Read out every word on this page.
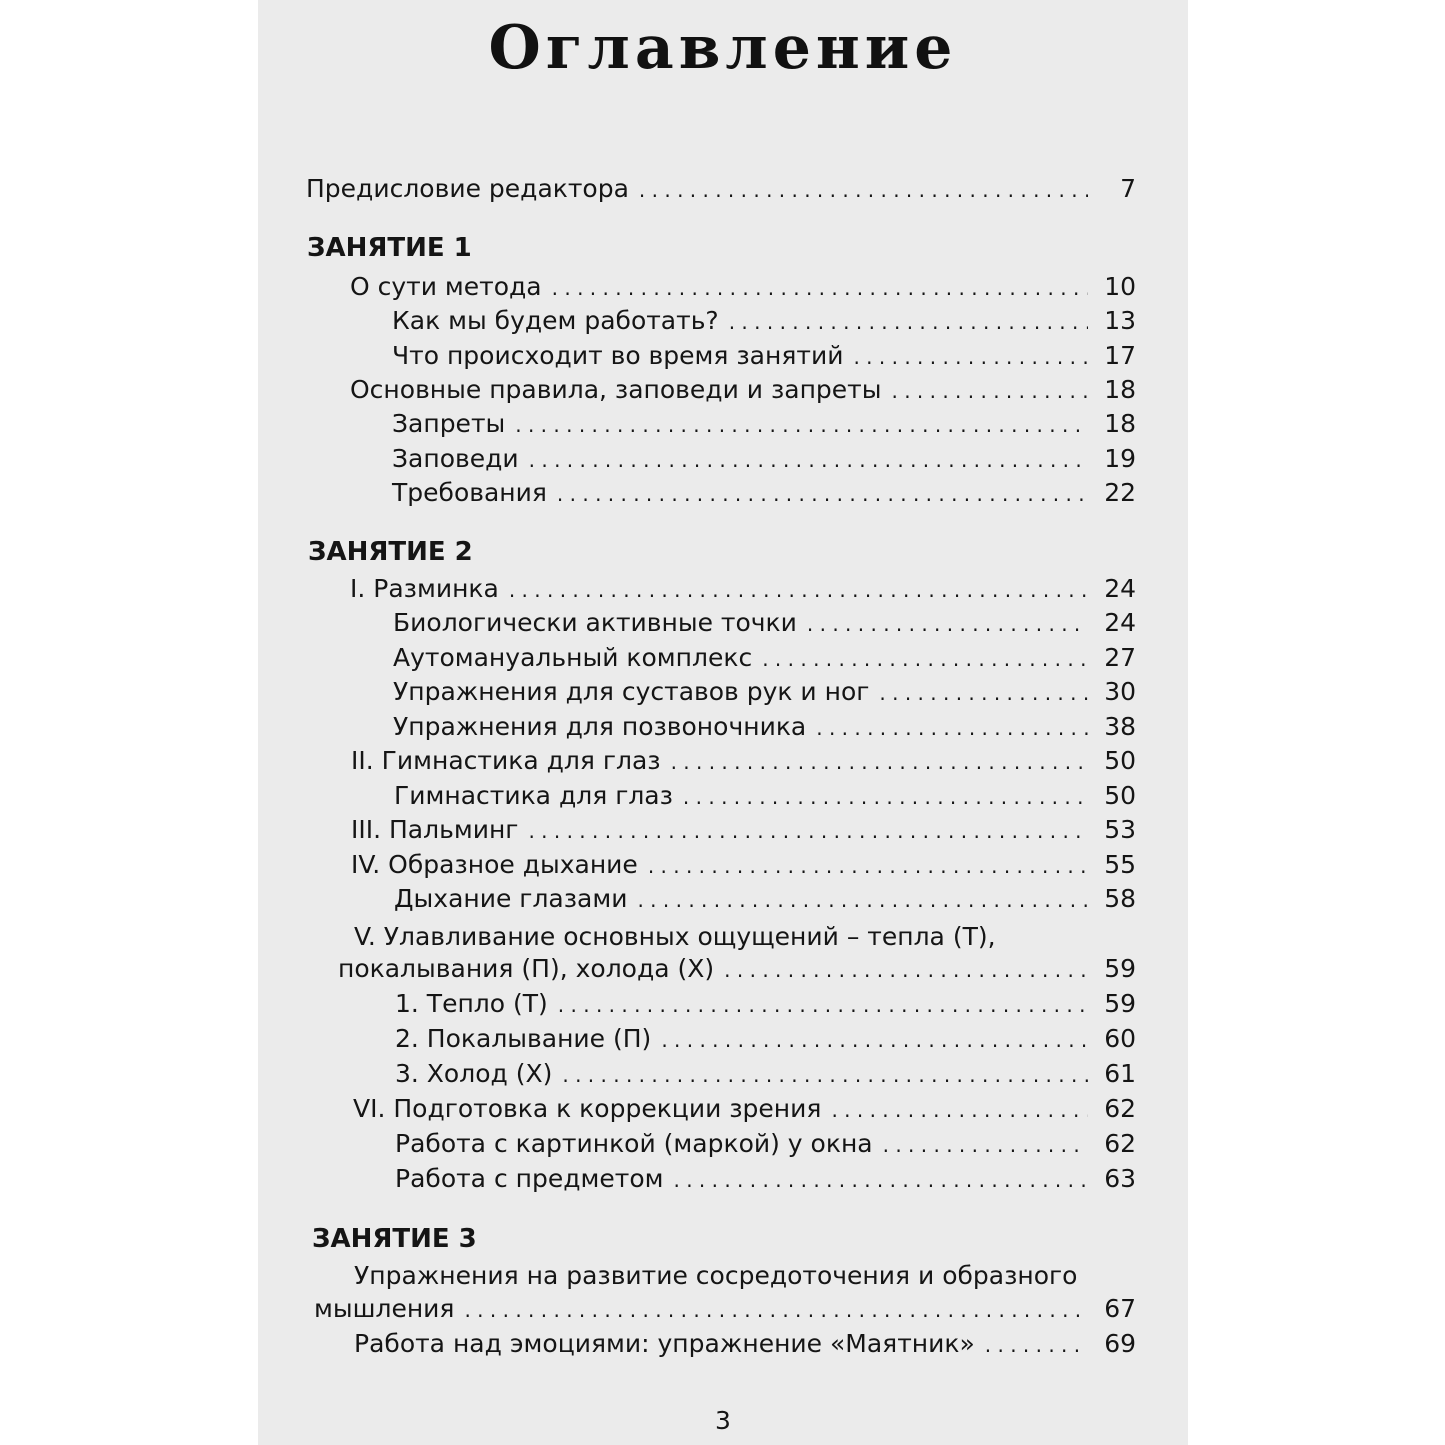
Оглавление
Предисловие редактора . . .	7
ЗАНЯТИЕ 1
О сути метода . . .	10
Как мы будем работать? . . .	13
Что происходит во время занятий . . .	17
Основные правила, заповеди и запреты . . .	18
Запреты . . .	18
Заповеди . . .	19
Требования . . .	22
ЗАНЯТИЕ 2
I. Разминка . . .	24
Биологически активные точки . . .	24
Аутомануальный комплекс . . .	27
Упражнения для суставов рук и ног . . .	30
Упражнения для позвоночника . . .	38
II. Гимнастика для глаз . . .	50
Гимнастика для глаз . . .	50
III. Пальминг . . .	53
IV. Образное дыхание . . .	55
Дыхание глазами . . .	58
V. Улавливание основных ощущений – тепла (Т),
покалывания (П), холода (Х) . . .	59
1. Тепло (Т) . . .	59
2. Покалывание (П) . . .	60
3. Холод (Х) . . .	61
VI. Подготовка к коррекции зрения . . .	62
Работа с картинкой (маркой) у окна . . .	62
Работа с предметом . . .	63
ЗАНЯТИЕ 3
Упражнения на развитие сосредоточения и образного
мышления . . .	67
Работа над эмоциями: упражнение «Маятник» . . .	69
3
